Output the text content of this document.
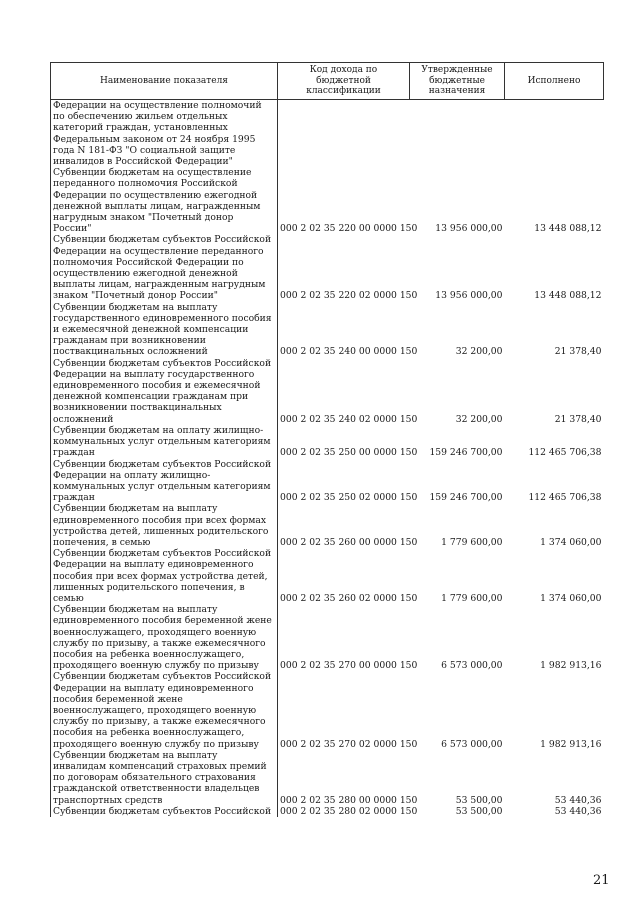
Наименование показателя	Код дохода по бюджетной классификации	Утвержденные бюджетные назначения	Исполнено
Федерации на осуществление полномочий по обеспечению жильем отдельных категорий граждан, установленных Федеральным законом от 24 ноября 1995 года N 181-ФЗ "О социальной защите инвалидов в Российской Федерации"			
Субвенции бюджетам на осуществление переданного полномочия Российской Федерации по осуществлению ежегодной денежной выплаты лицам, награжденным нагрудным знаком "Почетный донор России"	000 2 02 35 220 00 0000 150	13 956 000,00	13 448 088,12
Субвенции бюджетам субъектов Российской Федерации на осуществление переданного полномочия Российской Федерации по осуществлению ежегодной денежной выплаты лицам, награжденным нагрудным знаком "Почетный донор России"	000 2 02 35 220 02 0000 150	13 956 000,00	13 448 088,12
Субвенции бюджетам на выплату государственного единовременного пособия и ежемесячной денежной компенсации гражданам при возникновении поствакцинальных осложнений	000 2 02 35 240 00 0000 150	32 200,00	21 378,40
Субвенции бюджетам субъектов Российской Федерации на выплату государственного единовременного пособия и ежемесячной денежной компенсации гражданам при возникновении поствакцинальных осложнений	000 2 02 35 240 02 0000 150	32 200,00	21 378,40
Субвенции бюджетам на оплату жилищно-коммунальных услуг отдельным категориям граждан	000 2 02 35 250 00 0000 150	159 246 700,00	112 465 706,38
Субвенции бюджетам субъектов Российской Федерации на оплату жилищно-коммунальных услуг отдельным категориям граждан	000 2 02 35 250 02 0000 150	159 246 700,00	112 465 706,38
Субвенции бюджетам на выплату единовременного пособия при всех формах устройства детей, лишенных родительского попечения, в семью	000 2 02 35 260 00 0000 150	1 779 600,00	1 374 060,00
Субвенции бюджетам субъектов Российской Федерации на выплату единовременного пособия при всех формах устройства детей, лишенных родительского попечения, в семью	000 2 02 35 260 02 0000 150	1 779 600,00	1 374 060,00
Субвенции бюджетам на выплату единовременного пособия беременной жене военнослужащего, проходящего военную службу по призыву, а также ежемесячного пособия на ребенка военнослужащего, проходящего военную службу по призыву	000 2 02 35 270 00 0000 150	6 573 000,00	1 982 913,16
Субвенции бюджетам субъектов Российской Федерации на выплату единовременного пособия беременной жене военнослужащего, проходящего военную службу по призыву, а также ежемесячного пособия на ребенка военнослужащего, проходящего военную службу по призыву	000 2 02 35 270 02 0000 150	6 573 000,00	1 982 913,16
Субвенции бюджетам на выплату инвалидам компенсаций страховых премий по договорам обязательного страхования гражданской ответственности владельцев транспортных средств	000 2 02 35 280 00 0000 150	53 500,00	53 440,36
Субвенции бюджетам субъектов Российской	000 2 02 35 280 02 0000 150	53 500,00	53 440,36
21
